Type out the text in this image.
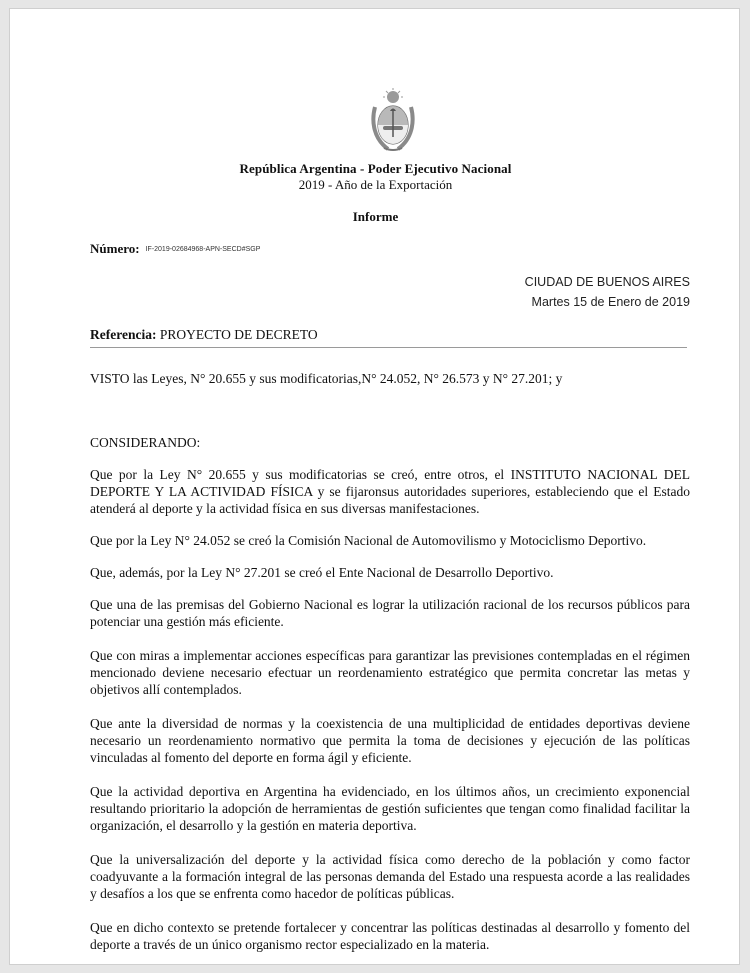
República Argentina - Poder Ejecutivo Nacional
2019 - Año de la Exportación
Informe
Número: IF-2019-02684968-APN-SECD#SGP
CIUDAD DE BUENOS AIRES
Martes 15 de Enero de 2019
Referencia: PROYECTO DE DECRETO

VISTO las Leyes, N° 20.655 y sus modificatorias,N° 24.052, N° 26.573 y N° 27.201; y

CONSIDERANDO:

Que por la Ley N° 20.655 y sus modificatorias se creó, entre otros, el INSTITUTO NACIONAL DEL DEPORTE Y LA ACTIVIDAD FÍSICA y se fijaronsus autoridades superiores, estableciendo que el Estado atenderá al deporte y la actividad física en sus diversas manifestaciones.

Que por la Ley N° 24.052 se creó la Comisión Nacional de Automovilismo y Motociclismo Deportivo.

Que, además, por la Ley N° 27.201 se creó el Ente Nacional de Desarrollo Deportivo.

Que una de las premisas del Gobierno Nacional es lograr la utilización racional de los recursos públicos para potenciar una gestión más eficiente.

Que con miras a implementar acciones específicas para garantizar las previsiones contempladas en el régimen mencionado deviene necesario efectuar un reordenamiento estratégico que permita concretar las metas y objetivos allí contemplados.

Que ante la diversidad de normas y la coexistencia de una multiplicidad de entidades deportivas deviene necesario un reordenamiento normativo que permita la toma de decisiones y ejecución de las políticas vinculadas al fomento del deporte en forma ágil y eficiente.

Que la actividad deportiva en Argentina ha evidenciado, en los últimos años, un crecimiento exponencial resultando prioritario la adopción de herramientas de gestión suficientes que tengan como finalidad facilitar la organización, el desarrollo y la gestión en materia deportiva.

Que la universalización del deporte y la actividad física como derecho de la población y como factor coadyuvante a la formación integral de las personas demanda del Estado una respuesta acorde a las realidades y desafíos a los que se enfrenta como hacedor de políticas públicas.

Que en dicho contexto se pretende fortalecer y concentrar las políticas destinadas al desarrollo y fomento del deporte a través de un único organismo rector especializado en la materia.
